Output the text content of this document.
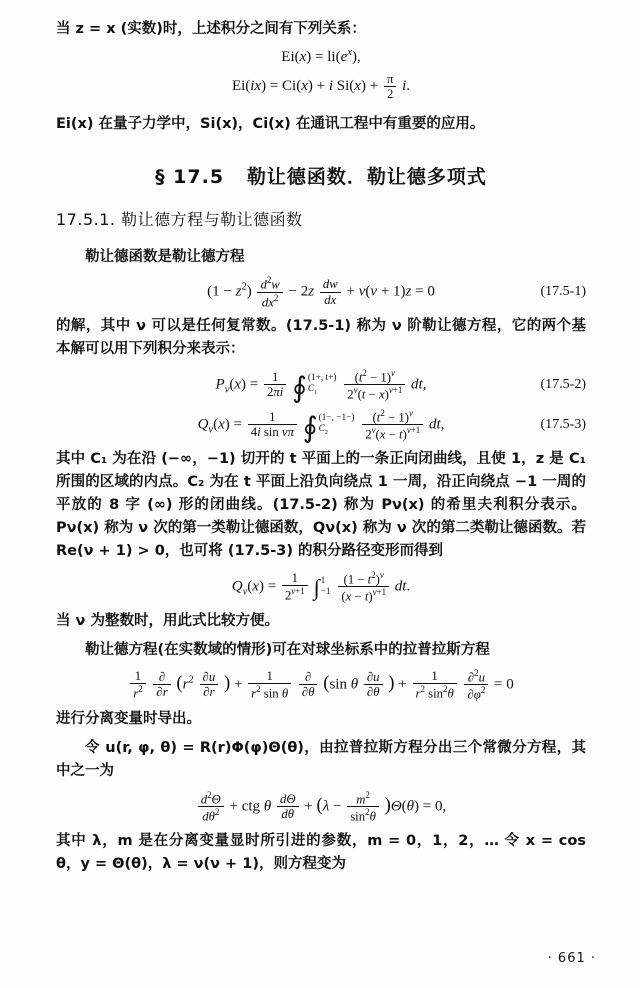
当 z = x (实数)时，上述积分之间有下列关系：
$Ei(x) = li(e^x)$,
Ei(ix) = Ci(x) + i $Si(x) + \frac{\pi}{2} i$.
Ei(x) 在量子力学中，Si(x)，Ci(x) 在通讯工程中有重要的应用。
§ 17.5 勒让德函数．勒让德多项式
17.5.1. 勒让德方程与勒让德函数
勒让德函数是勒让德方程
$(1 - z^2) \frac{d^2w}{dx^2} - 2z \frac{dw}{dx} + \nu(\nu + 1)z = 0$	(17.5-1)
的解，其中 ν 可以是任何复常数。(17.5-1) 称为 ν 阶勒让德方程，它的两个基本解可以用下列积分来表示：
$P_\nu(x) = \frac{1}{2\pi i}$ ∮ (1+, t+)
$C_1$
	$\frac{(t^2 - 1)^\nu}{2^\nu(t - x)^{\nu+1}}$ dt,	(17.5-2)
$Q_\nu(x) = \frac{1}{\text{4i sin νπ}}$ ∮ (1−, −1−)
$C_2$
	$\frac{(t^2 - 1)^\nu}{2^\nu(x - t)^{\nu+1}}$ dt,	(17.5-3)
其中 C₁ 为在沿 (−∞，−1) 切开的 t 平面上的一条正向闭曲线，且使 1，z 是 C₁ 所围的区域的内点。C₂ 为在 t 平面上沿负向绕点 1 一周，沿正向绕点 −1 一周的平放的 8 字 (∞) 形的闭曲线。(17.5-2) 称为 Pν(x) 的希里夫利积分表示。Pν(x) 称为 ν 次的第一类勒让德函数，Qν(x) 称为 ν 次的第二类勒让德函数。若 Re(ν + 1) > 0，也可将 (17.5-3) 的积分路径变形而得到
$Q_\nu(x) = \frac{1}{2^{\nu+1}}$ ∫ 1
−1
$\frac{(1 - t^2)^\nu}{(x - t)^{\nu+1}}$ dt.
当 ν 为整数时，用此式比较方便。
勒让德方程(在实数域的情形)可在对球坐标系中的拉普拉斯方程
$\frac{1}{r^2}$
$\frac{\partial}{\partial r} (r^2 \frac{\partial u}{\partial r}$ ) + $\frac{1}{r^2 \sin \theta}$
$\frac{\partial}{\partial\theta} (\sin$ θ $\frac{\partial u}{\partial\theta}$ ) + $\frac{1}{r^2 \sin^2\theta}$
$\frac{\partial^2u}{\partial\varphi^2} = 0$
进行分离变量时导出。
令 u(r, φ, θ) = R(r)Φ(φ)Θ(θ)，由拉普拉斯方程分出三个常微分方程，其中之一为
$\frac{d^2\Theta}{d\theta^2}$ + ctg θ $\frac{d\Theta}{d\theta} + (\lambda - \frac{m^2}{\sin^2\theta} )\Theta(\theta) = 0$,
其中 λ，m 是在分离变量显时所引进的参数，m = 0，1，2，… 令 x = cos θ，y = Θ(θ)，λ = ν(ν + 1)，则方程变为
· 661 ·
